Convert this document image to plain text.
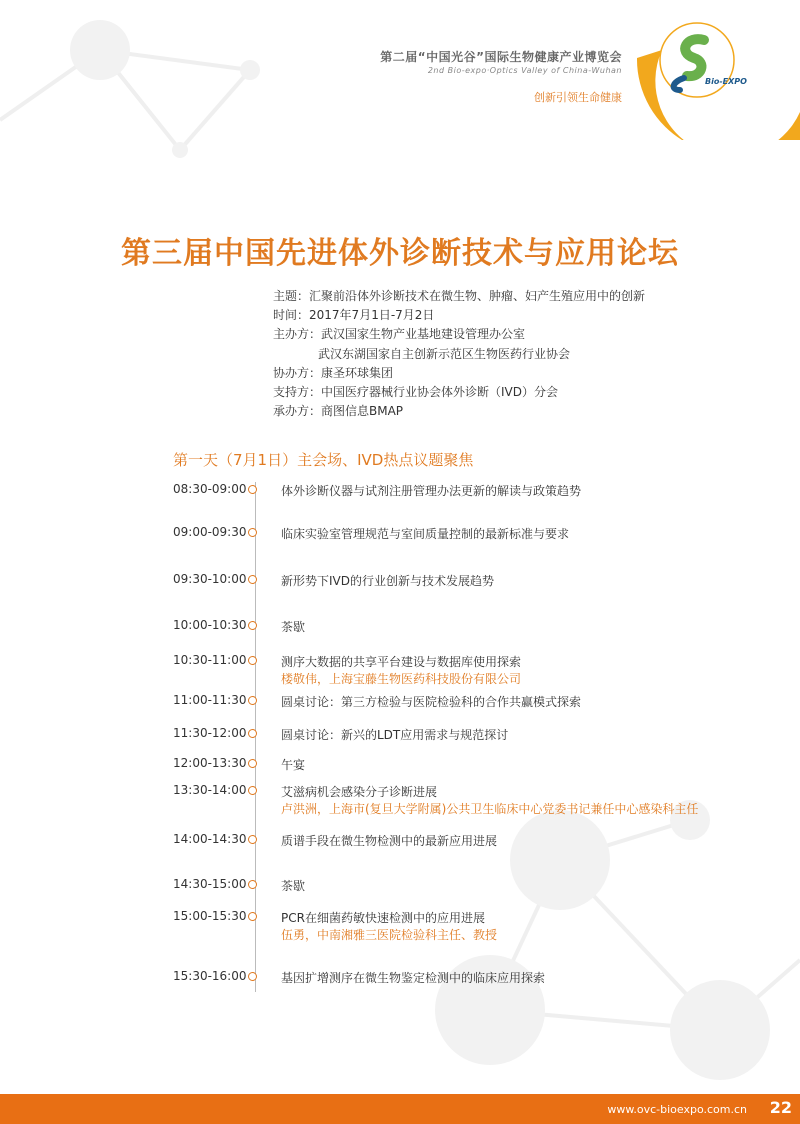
Bio-EXPO
第二届“中国光谷”国际生物健康产业博览会
2nd Bio-expo·Optics Valley of China-Wuhan
创新引领生命健康
第三届中国先进体外诊断技术与应用论坛
主题： 汇聚前沿体外诊断技术在微生物、肿瘤、妇产生殖应用中的创新
时间： 2017年7月1日-7月2日
主办方： 武汉国家生物产业基地建设管理办公室
武汉东湖国家自主创新示范区生物医药行业协会
协办方： 康圣环球集团
支持方： 中国医疗器械行业协会体外诊断（IVD）分会
承办方： 商图信息BMAP
第一天（7月1日）主会场、IVD热点议题聚焦
08:30-09:00	体外诊断仪器与试剂注册管理办法更新的解读与政策趋势
09:00-09:30	临床实验室管理规范与室间质量控制的最新标准与要求
09:30-10:00	新形势下IVD的行业创新与技术发展趋势
10:00-10:30	茶歇
10:30-11:00	测序大数据的共享平台建设与数据库使用探索
楼敬伟，上海宝藤生物医药科技股份有限公司
11:00-11:30	圆桌讨论：第三方检验与医院检验科的合作共赢模式探索
11:30-12:00	圆桌讨论：新兴的LDT应用需求与规范探讨
12:00-13:30	午宴
13:30-14:00	艾滋病机会感染分子诊断进展
卢洪洲，上海市(复旦大学附属)公共卫生临床中心党委书记兼任中心感染科主任
14:00-14:30	质谱手段在微生物检测中的最新应用进展
14:30-15:00	茶歇
15:00-15:30	PCR在细菌药敏快速检测中的应用进展
伍勇，中南湘雅三医院检验科主任、教授
15:30-16:00	基因扩增测序在微生物鉴定检测中的临床应用探索
www.ovc-bioexpo.com.cn 22
